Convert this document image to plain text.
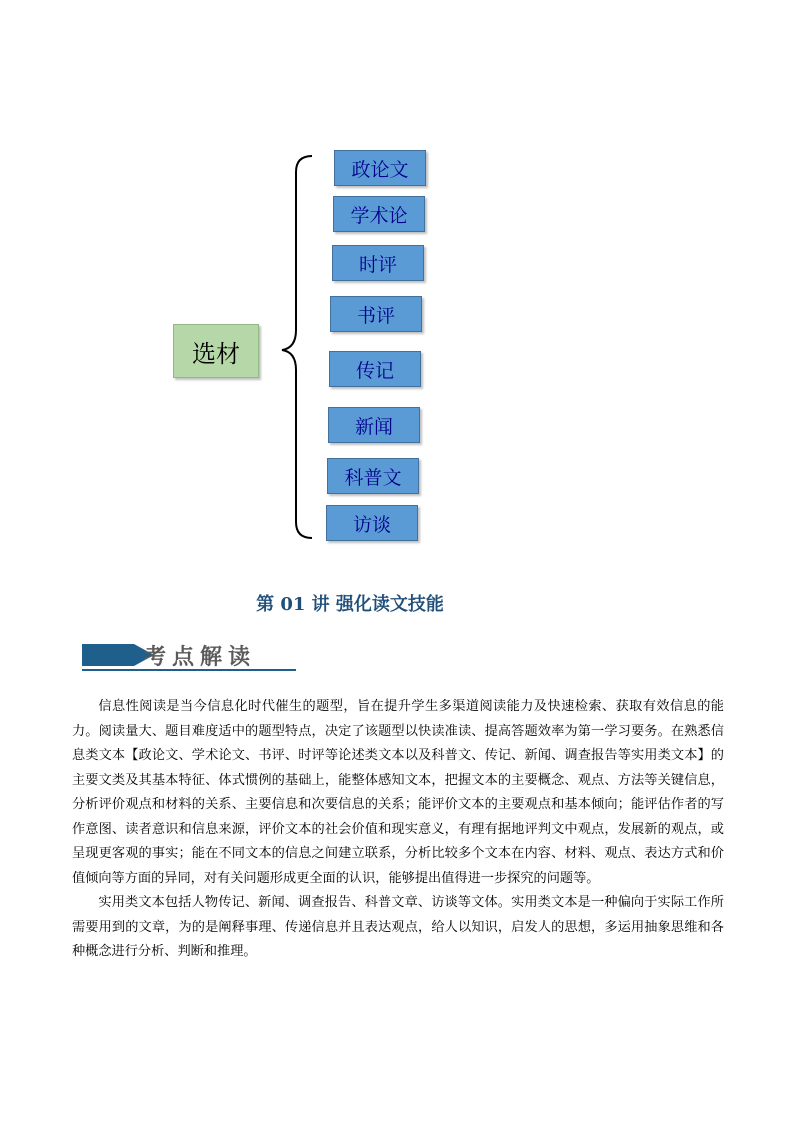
选材
政论文
学术论
时评
书评
传记
新闻
科普文
访谈
第 01 讲 强化读文技能
考点解读

信息性阅读是当今信息化时代催生的题型，旨在提升学生多渠道阅读能力及快速检索、获取有效信息的能力。阅读量大、题目难度适中的题型特点，决定了该题型以快读准读、提高答题效率为第一学习要务。在熟悉信息类文本【政论文、学术论文、书评、时评等论述类文本以及科普文、传记、新闻、调查报告等实用类文本】的主要文类及其基本特征、体式惯例的基础上，能整体感知文本，把握文本的主要概念、观点、方法等关键信息，分析评价观点和材料的关系、主要信息和次要信息的关系；能评价文本的主要观点和基本倾向；能评估作者的写作意图、读者意识和信息来源，评价文本的社会价值和现实意义，有理有据地评判文中观点，发展新的观点，或呈现更客观的事实；能在不同文本的信息之间建立联系，分析比较多个文本在内容、材料、观点、表达方式和价值倾向等方面的异同，对有关问题形成更全面的认识，能够提出值得进一步探究的问题等。

实用类文本包括人物传记、新闻、调查报告、科普文章、访谈等文体。实用类文本是一种偏向于实际工作所需要用到的文章，为的是阐释事理、传递信息并且表达观点，给人以知识，启发人的思想，多运用抽象思维和各种概念进行分析、判断和推理。
